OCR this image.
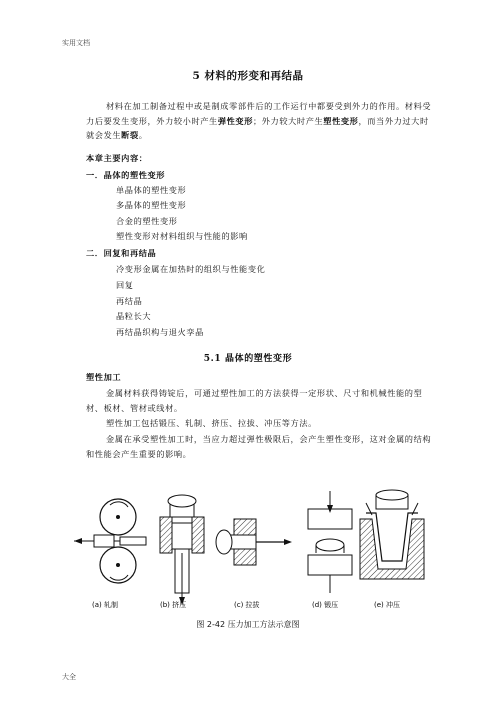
实用文档
5 材料的形变和再结晶

材料在加工制备过程中或是制成零部件后的工作运行中都要受到外力的作用。材料受力后要发生变形，外力较小时产生弹性变形；外力较大时产生塑性变形，而当外力过大时就会发生断裂。

本章主要内容：
一．晶体的塑性变形
单晶体的塑性变形
多晶体的塑性变形
合金的塑性变形
塑性变形对材料组织与性能的影响
二．回复和再结晶
冷变形金属在加热时的组织与性能变化
回复
再结晶
晶粒长大
再结晶织构与退火孪晶
5.1 晶体的塑性变形
塑性加工

金属材料获得铸锭后，可通过塑性加工的方法获得一定形状、尺寸和机械性能的型材、板材、管材或线材。

塑性加工包括锻压、轧制、挤压、拉拔、冲压等方法。

金属在承受塑性加工时，当应力超过弹性极限后，会产生塑性变形，这对金属的结构和性能会产生重要的影响。

(a) 轧制	(b) 挤压	(c) 拉拔	(d) 锻压	(e) 冲压
图 2-42 压力加工方法示意图
大全
